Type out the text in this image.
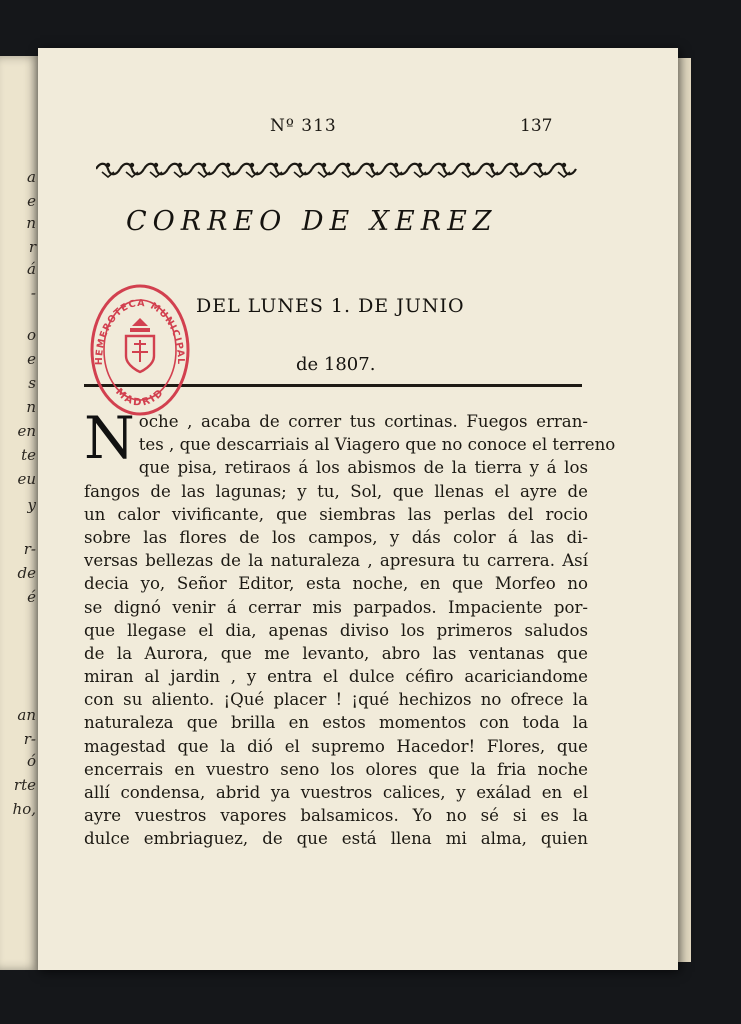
a
e
n
r
á
-
o
e
s
n
en
te
eu
y
r-
de
é
an
r-
ó
rte
ho,
Nº 313	137
CORREO DE XEREZ
DEL LUNES 1. DE JUNIO
de 1807.
HEMEROTECA MUNICIPAL
MADRID
N oche , acaba de correr tus cortinas. Fuegos erran-
tes , que descarriais al Viagero que no conoce el terreno
que pisa, retiraos á los abismos de la tierra y á los
fangos de las lagunas; y tu, Sol, que llenas el ayre de
un calor vivificante, que siembras las perlas del rocio
sobre las flores de los campos, y dás color á las di-
versas bellezas de la naturaleza , apresura tu carrera. Así
decia yo, Señor Editor, esta noche, en que Morfeo no
se dignó venir á cerrar mis parpados. Impaciente por-
que llegase el dia, apenas diviso los primeros saludos
de la Aurora, que me levanto, abro las ventanas que
miran al jardin , y entra el dulce céfiro acariciandome
con su aliento. ¡Qué placer ! ¡qué hechizos no ofrece la
naturaleza que brilla en estos momentos con toda la
magestad que la dió el supremo Hacedor! Flores, que
encerrais en vuestro seno los olores que la fria noche
allí condensa, abrid ya vuestros calices, y exálad en el
ayre vuestros vapores balsamicos. Yo no sé si es la
dulce embriaguez, de que está llena mi alma, quien
